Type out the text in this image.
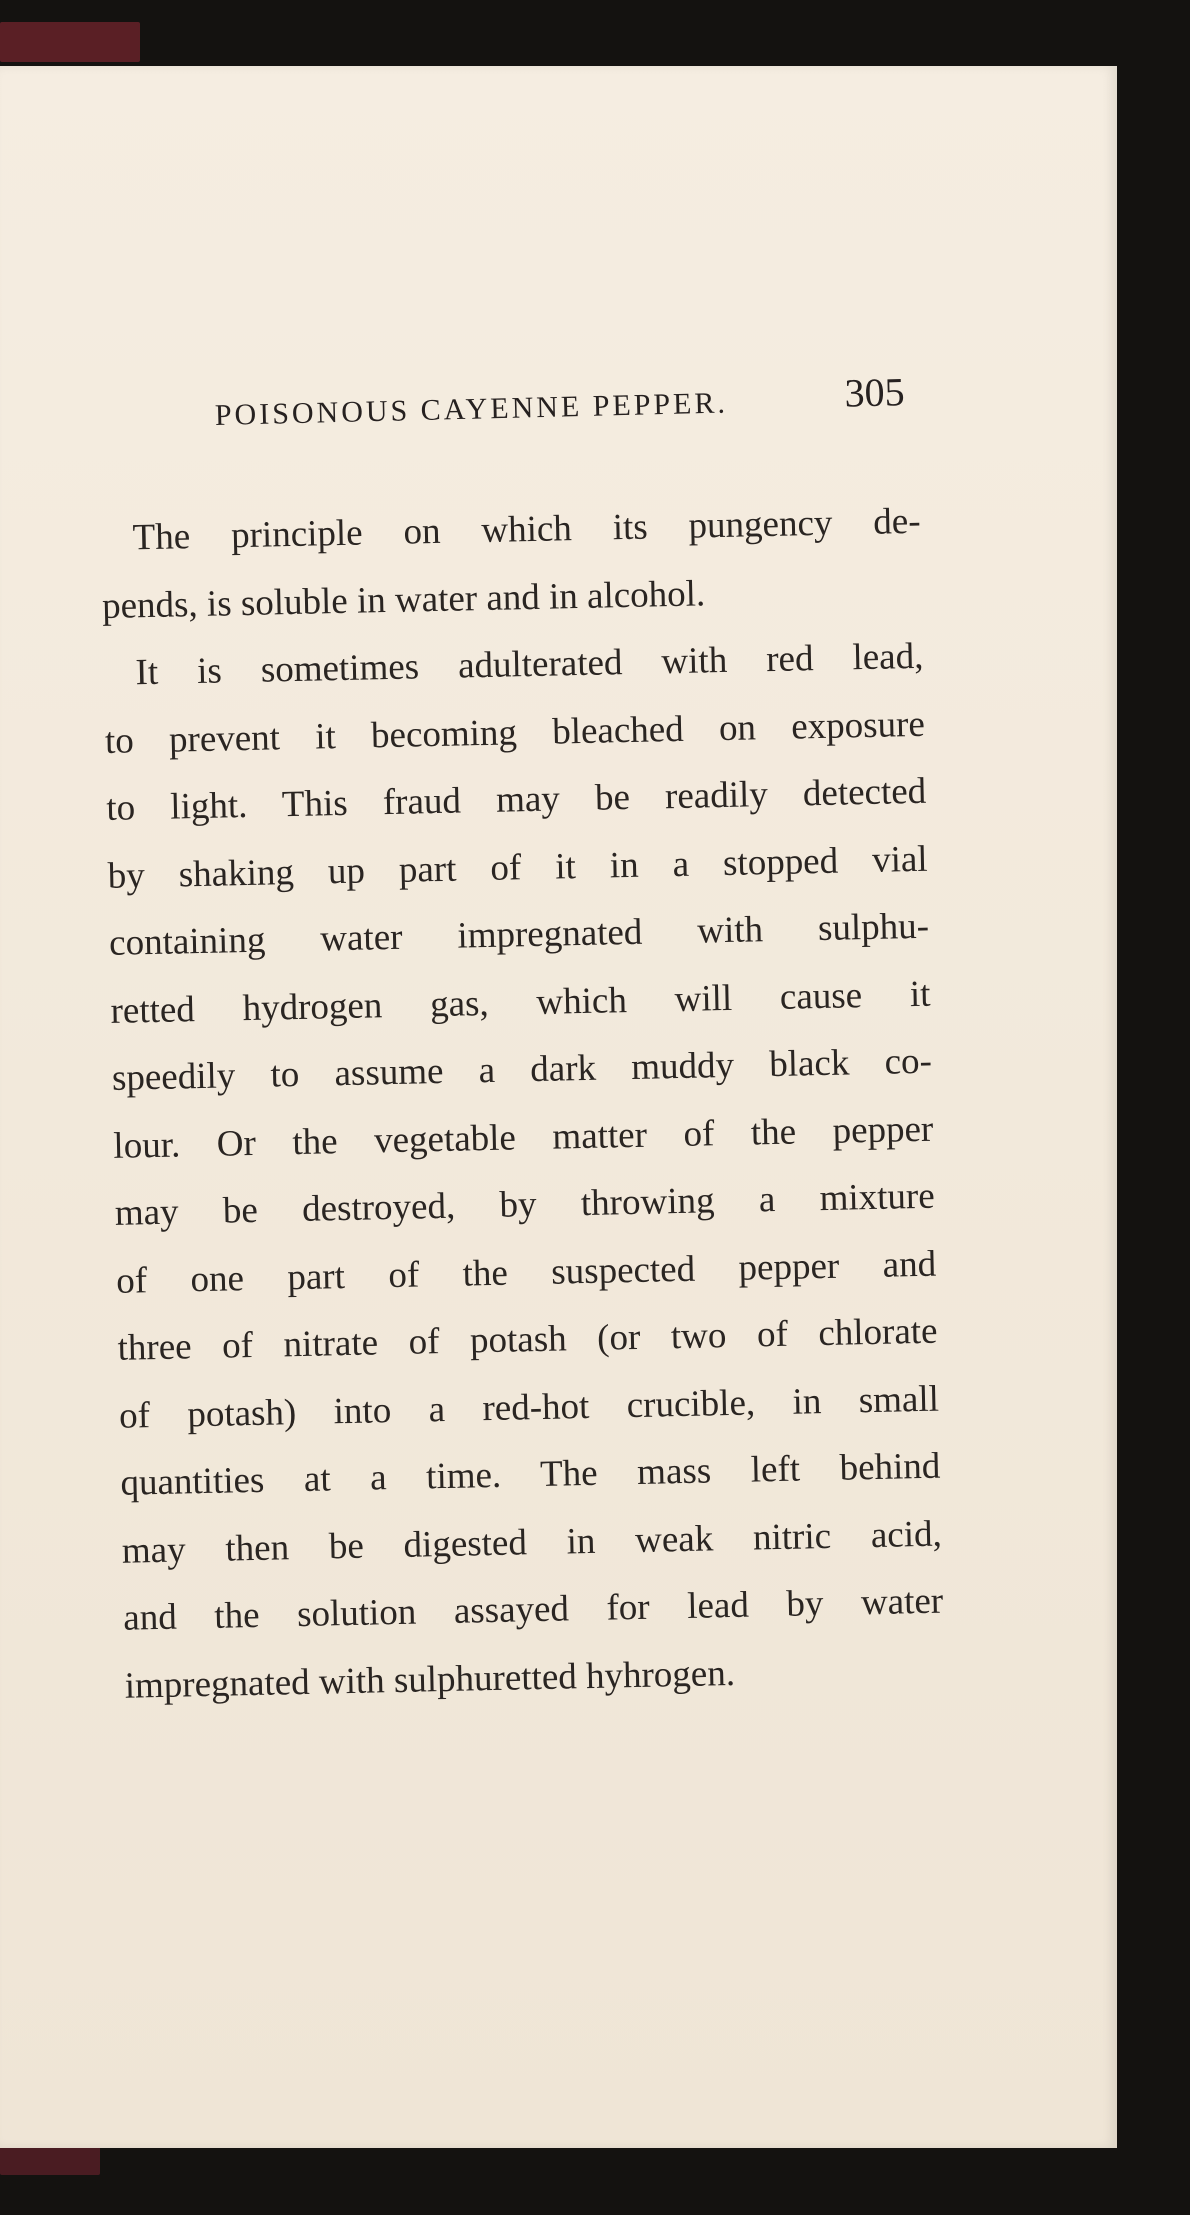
POISONOUS CAYENNE PEPPER.	305
The principle on which its pungency de-
pends, is soluble in water and in alcohol.
It is sometimes adulterated with red lead,
to prevent it becoming bleached on exposure
to light. This fraud may be readily detected
by shaking up part of it in a stopped vial
containing water impregnated with sulphu-
retted hydrogen gas, which will cause it
speedily to assume a dark muddy black co-
lour. Or the vegetable matter of the pepper
may be destroyed, by throwing a mixture
of one part of the suspected pepper and
three of nitrate of potash (or two of chlorate
of potash) into a red-hot crucible, in small
quantities at a time. The mass left behind
may then be digested in weak nitric acid,
and the solution assayed for lead by water
impregnated with sulphuretted hyhrogen.
